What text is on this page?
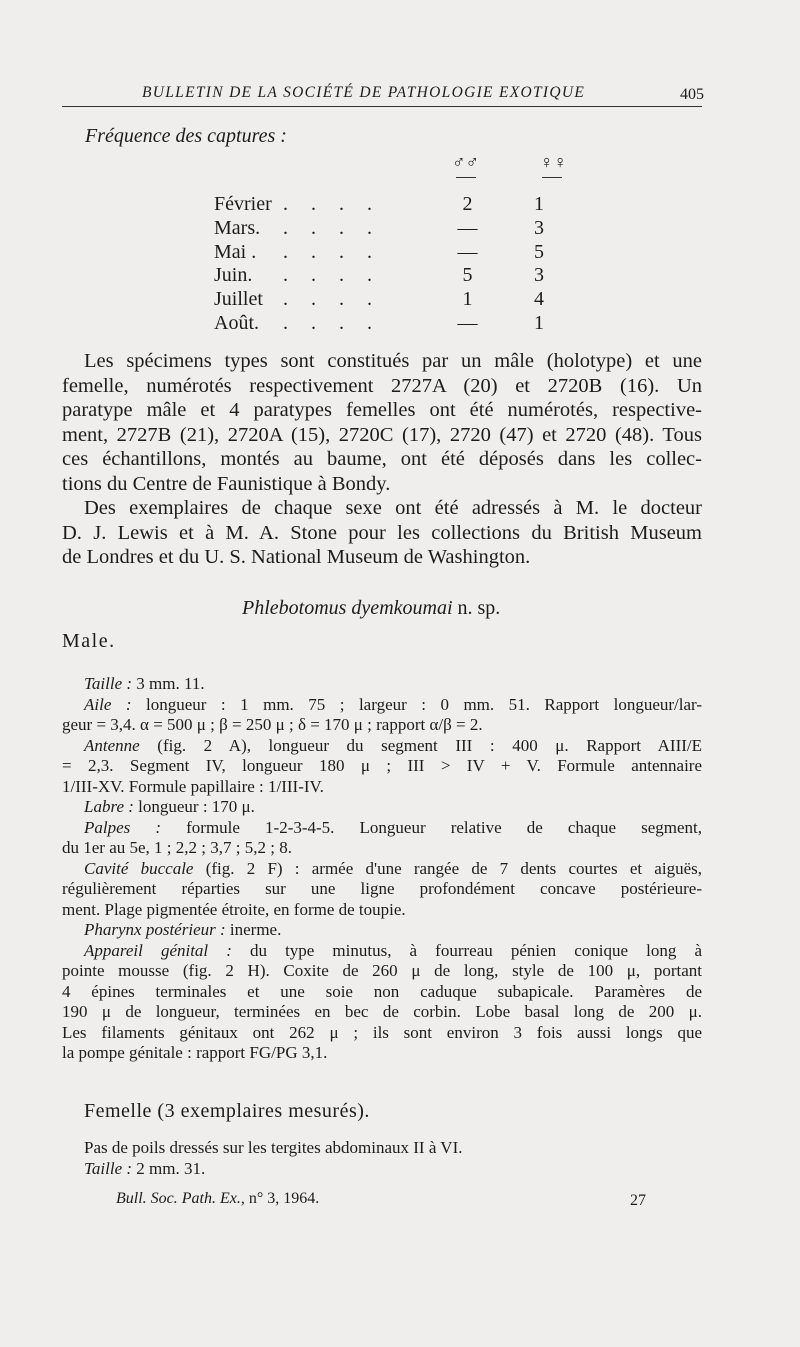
BULLETIN DE LA SOCIÉTÉ DE PATHOLOGIE EXOTIQUE	405
Fréquence des captures :
♂♂	♀♀
Février . . . .	2	1
Mars. . . . .	—	3
Mai . . . . .	—	5
Juin. . . . .	5	3
Juillet . . . .	1	4
Août. . . . .	—	1

Les spécimens types sont constitués par un mâle (holotype) et une
femelle, numérotés respectivement 2727A (20) et 2720B (16). Un
paratype mâle et 4 paratypes femelles ont été numérotés, respective-
ment, 2727B (21), 2720A (15), 2720C (17), 2720 (47) et 2720 (48). Tous
ces échantillons, montés au baume, ont été déposés dans les collec-
tions du Centre de Faunistique à Bondy.

Des exemplaires de chaque sexe ont été adressés à M. le docteur
D. J. Lewis et à M. A. Stone pour les collections du British Museum
de Londres et du U. S. National Museum de Washington.

Phlebotomus dyemkoumai n. sp.
Male.

Taille : 3 mm. 11.
Aile : longueur : 1 mm. 75 ; largeur : 0 mm. 51. Rapport longueur/lar-
geur = 3,4. α = 500 μ ; β = 250 μ ; δ = 170 μ ; rapport α/β = 2.
Antenne (fig. 2 A), longueur du segment III : 400 μ. Rapport AIII/E
= 2,3. Segment IV, longueur 180 μ ; III > IV + V. Formule antennaire
1/III-XV. Formule papillaire : 1/III-IV.
Labre : longueur : 170 μ.
Palpes : formule 1-2-3-4-5. Longueur relative de chaque segment,
du 1er au 5e, 1 ; 2,2 ; 3,7 ; 5,2 ; 8.
Cavité buccale (fig. 2 F) : armée d'une rangée de 7 dents courtes et aiguës,
régulièrement réparties sur une ligne profondément concave postérieure-
ment. Plage pigmentée étroite, en forme de toupie.
Pharynx postérieur : inerme.
Appareil génital : du type minutus, à fourreau pénien conique long à
pointe mousse (fig. 2 H). Coxite de 260 μ de long, style de 100 μ, portant
4 épines terminales et une soie non caduque subapicale. Paramères de
190 μ de longueur, terminées en bec de corbin. Lobe basal long de 200 μ.
Les filaments génitaux ont 262 μ ; ils sont environ 3 fois aussi longs que
la pompe génitale : rapport FG/PG 3,1.

Femelle (3 exemplaires mesurés).

Pas de poils dressés sur les tergites abdominaux II à VI.
Taille : 2 mm. 31.

Bull. Soc. Path. Ex., n° 3, 1964.	27
